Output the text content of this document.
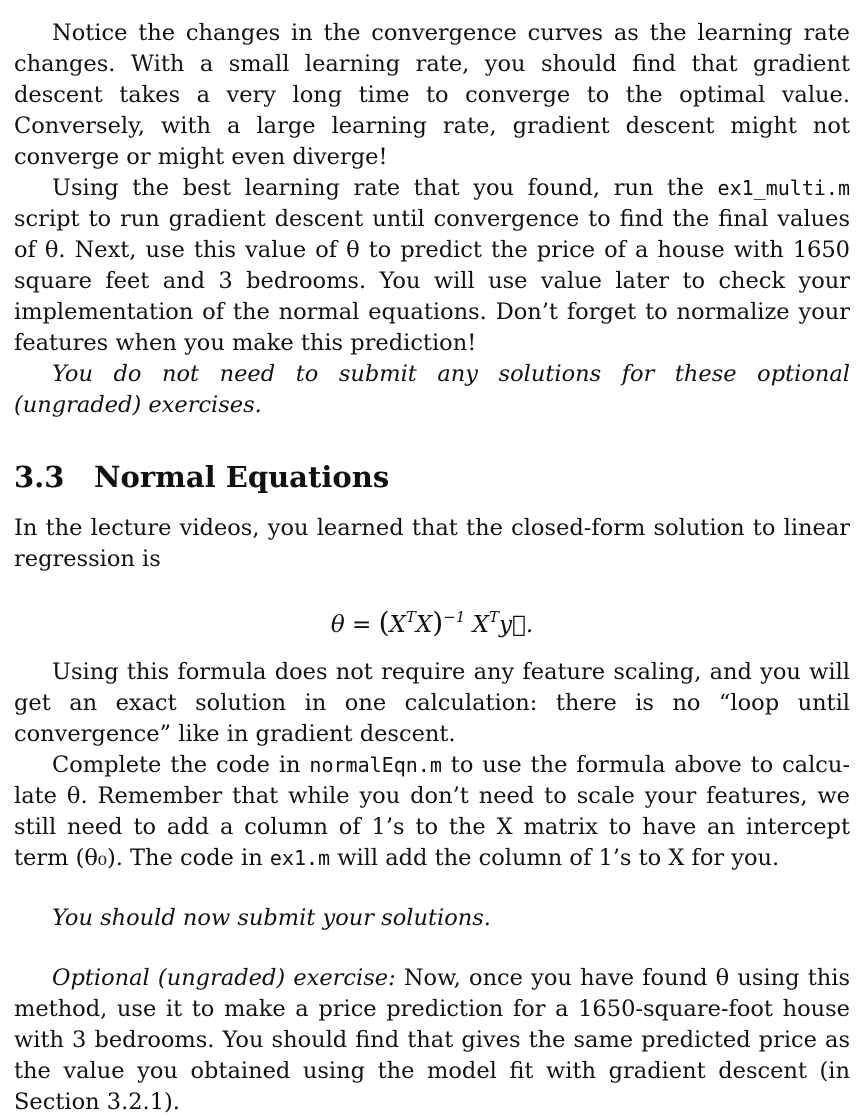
Notice the changes in the convergence curves as the learning rate changes. With a small learning rate, you should find that gradient descent takes a very long time to converge to the optimal value. Conversely, with a large learning rate, gradient descent might not converge or might even diverge!

Using the best learning rate that you found, run the ex1_multi.m script to run gradient descent until convergence to find the final values of θ. Next, use this value of θ to predict the price of a house with 1650 square feet and 3 bedrooms. You will use value later to check your implementation of the normal equations. Don’t forget to normalize your features when you make this prediction!

You do not need to submit any solutions for these optional (ungraded) exercises.

3.3 Normal Equations

In the lecture videos, you learned that the closed-form solution to linear regression is

$\theta = (X^TX)^{-1}$ $X^Ty⃗$.

Using this formula does not require any feature scaling, and you will get an exact solution in one calculation: there is no “loop until convergence” like in gradient descent.

Complete the code in normalEqn.m to use the formula above to calcu-late θ. Remember that while you don’t need to scale your features, we still need to add a column of 1’s to the X matrix to have an intercept term (θ₀). The code in ex1.m will add the column of 1’s to X for you.

You should now submit your solutions.

Optional (ungraded) exercise: Now, once you have found θ using this method, use it to make a price prediction for a 1650-square-foot house with 3 bedrooms. You should find that gives the same predicted price as the value you obtained using the model fit with gradient descent (in Section 3.2.1).
